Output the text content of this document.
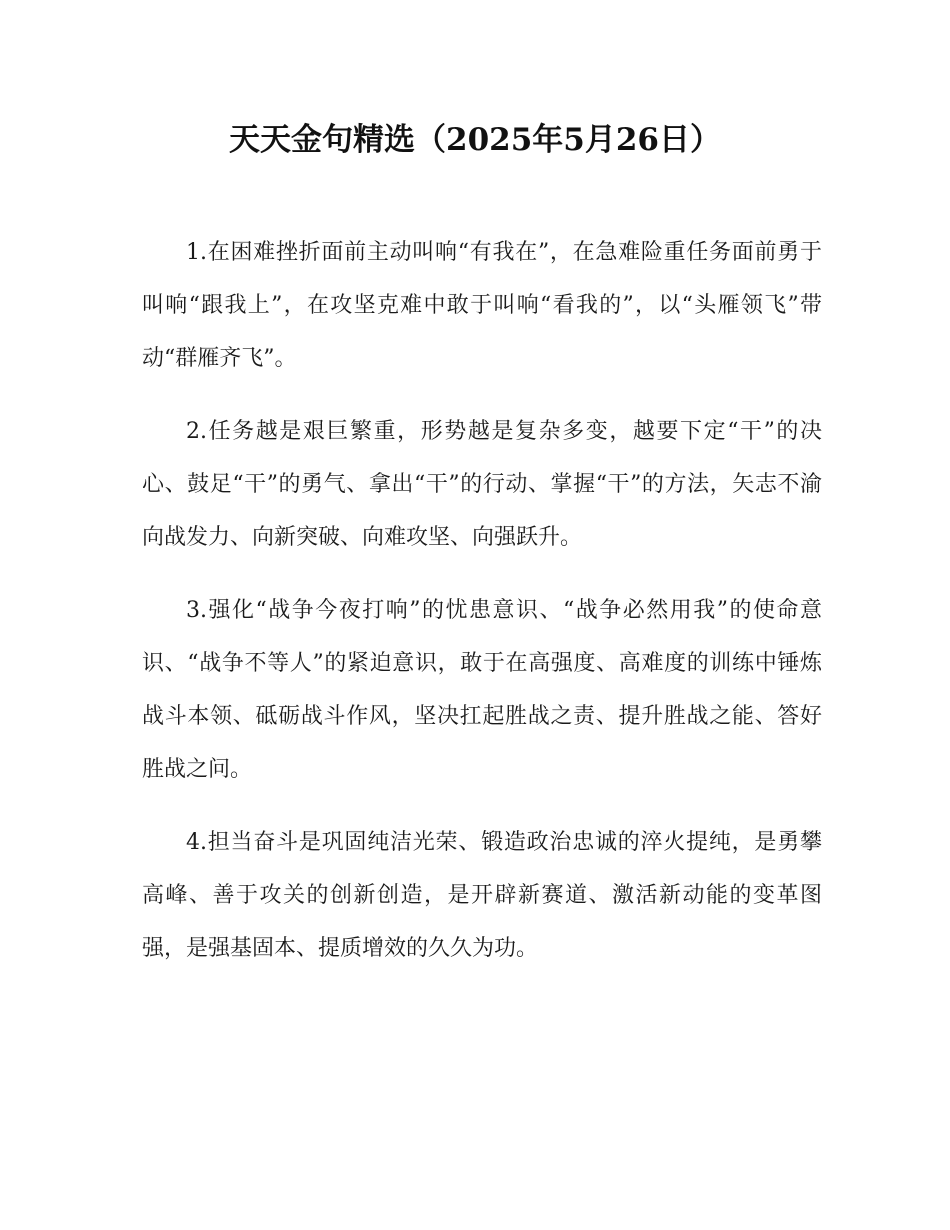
天天金句精选（2025年5月26日）

1.在困难挫折面前主动叫响“有我在”，在急难险重任务面前勇于叫响“跟我上”，在攻坚克难中敢于叫响“看我的”，以“头雁领飞”带动“群雁齐飞”。

2.任务越是艰巨繁重，形势越是复杂多变，越要下定“干”的决心、鼓足“干”的勇气、拿出“干”的行动、掌握“干”的方法，矢志不渝向战发力、向新突破、向难攻坚、向强跃升。

3.强化“战争今夜打响”的忧患意识、“战争必然用我”的使命意识、“战争不等人”的紧迫意识，敢于在高强度、高难度的训练中锤炼战斗本领、砥砺战斗作风，坚决扛起胜战之责、提升胜战之能、答好胜战之问。

4.担当奋斗是巩固纯洁光荣、锻造政治忠诚的淬火提纯，是勇攀高峰、善于攻关的创新创造，是开辟新赛道、激活新动能的变革图强，是强基固本、提质增效的久久为功。
